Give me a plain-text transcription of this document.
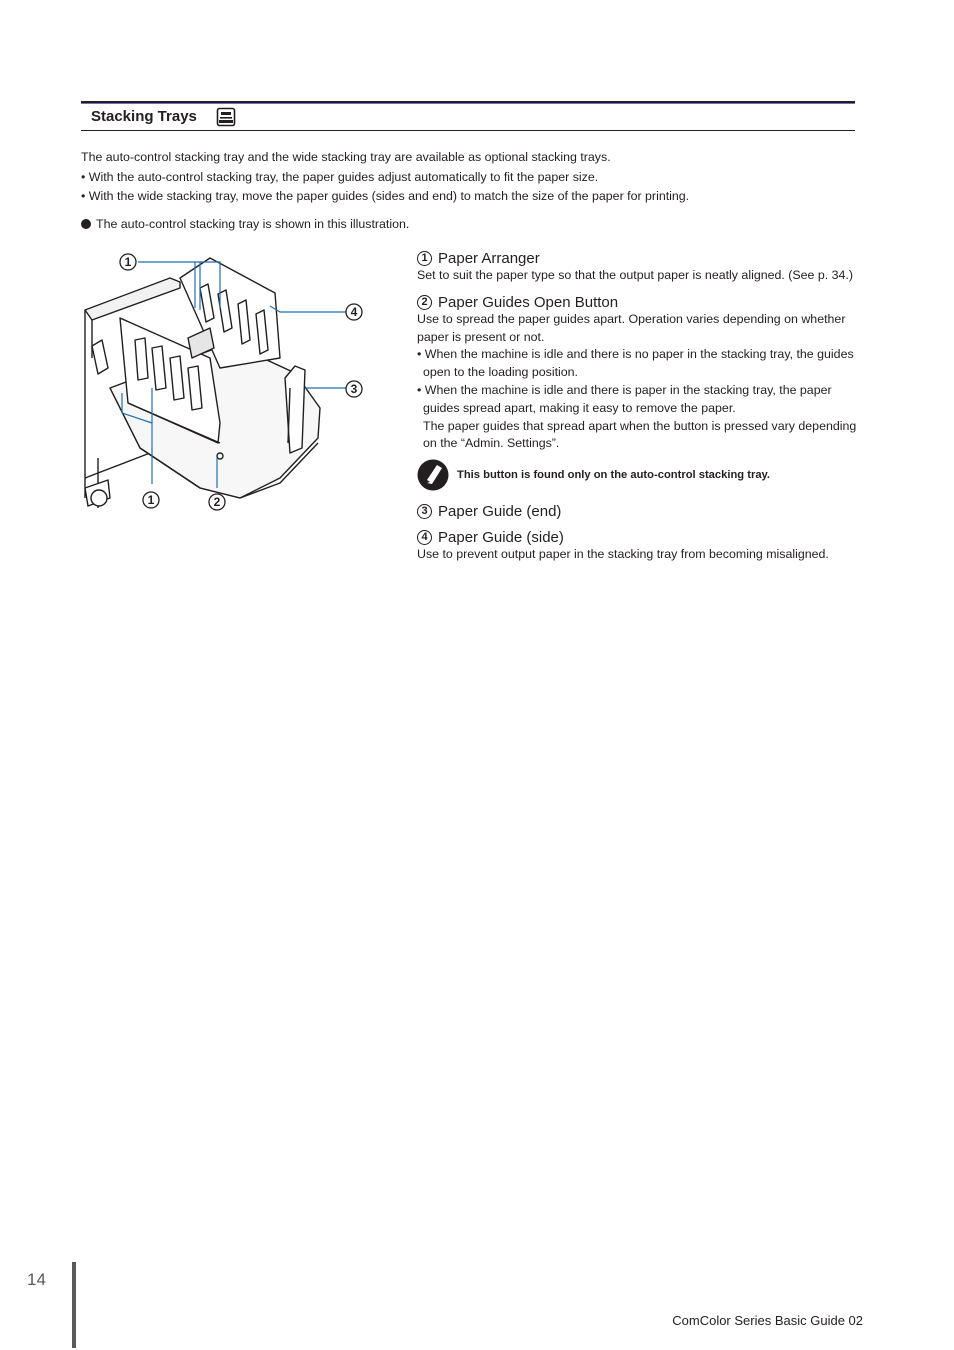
Stacking Trays

The auto-control stacking tray and the wide stacking tray are available as optional stacking trays.

• With the auto-control stacking tray, the paper guides adjust automatically to fit the paper size.

• With the wide stacking tray, move the paper guides (sides and end) to match the size of the paper for printing.

The auto-control stacking tray is shown in this illustration.
1
4
3
1	2
1 Paper Arranger

Set to suit the paper type so that the output paper is neatly aligned. (See p. 34.)

2 Paper Guides Open Button

Use to spread the paper guides apart. Operation varies depending on whether paper is present or not.

• When the machine is idle and there is no paper in the stacking tray, the guides open to the loading position.

• When the machine is idle and there is paper in the stacking tray, the paper guides spread apart, making it easy to remove the paper.

The paper guides that spread apart when the button is pressed vary depending on the “Admin. Settings”.

This button is found only on the auto-control stacking tray.
3 Paper Guide (end)
4 Paper Guide (side)

Use to prevent output paper in the stacking tray from becoming misaligned.

14
ComColor Series Basic Guide 02
